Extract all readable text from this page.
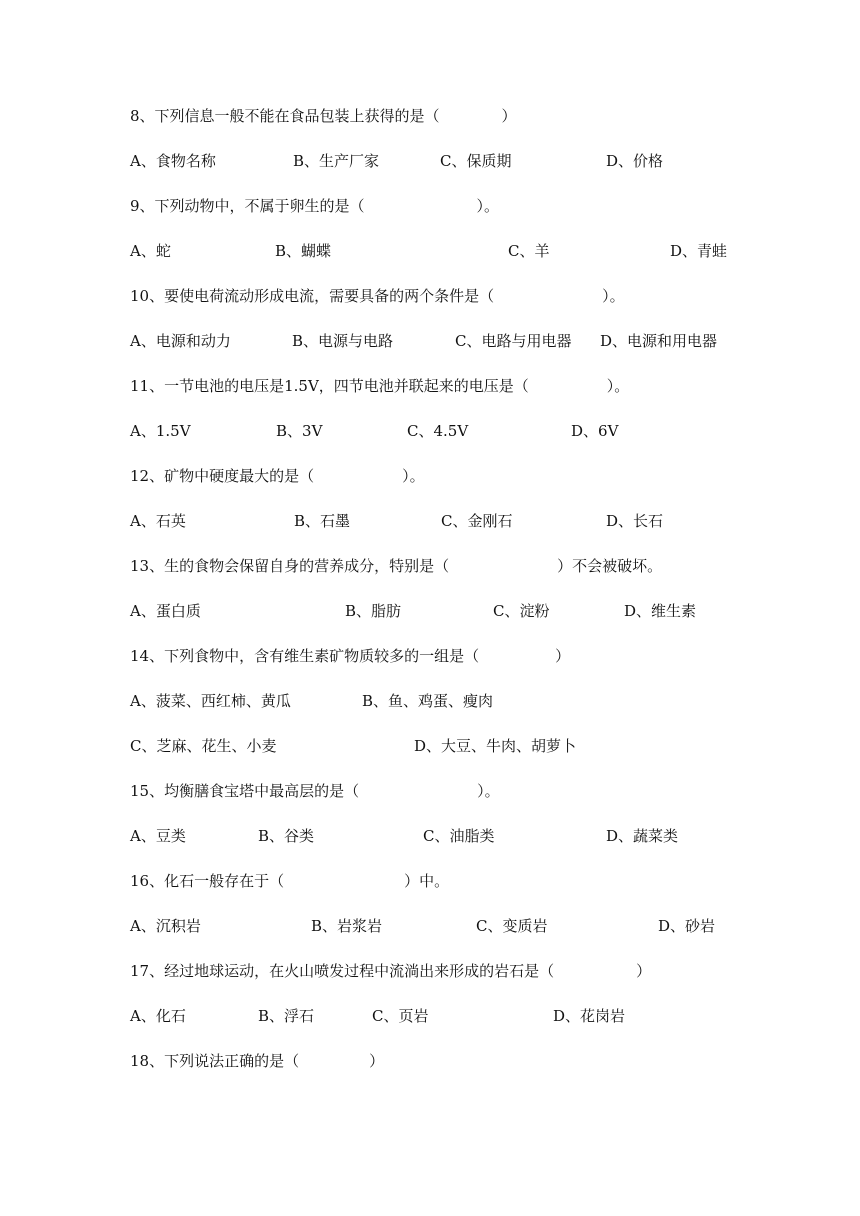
8、下列信息一般不能在食品包装上获得的是（	）

A、食物名称

	B、生产厂家

	C、保质期

	D、价格

9、下列动物中，不属于卵生的是（	）。

A、蛇

	B、蝴蝶

	C、羊

	D、青蛙

10、要使电荷流动形成电流，需要具备的两个条件是（	）。

A、电源和动力

	B、电源与电路

	C、电路与用电器

D、电源和用电器

11、一节电池的电压是1.5V，四节电池并联起来的电压是（	）。

A、1.5V

	B、3V

	C、4.5V

	D、6V

12、矿物中硬度最大的是（	）。

A、石英

	B、石墨

	C、金刚石

	D、长石

13、生的食物会保留自身的营养成分，特别是（	）不会被破坏。

A、蛋白质

	B、脂肪

	C、淀粉

	D、维生素

14、下列食物中，含有维生素矿物质较多的一组是（	）

A、菠菜、西红柿、黄瓜

	B、鱼、鸡蛋、瘦肉

C、芝麻、花生、小麦

	D、大豆、牛肉、胡萝卜

15、均衡膳食宝塔中最高层的是（	）。

A、豆类

	B、谷类

	C、油脂类

	D、蔬菜类

16、化石一般存在于（	）中。

A、沉积岩

	B、岩浆岩

	C、变质岩

	D、砂岩

17、经过地球运动，在火山喷发过程中流淌出来形成的岩石是（	）

A、化石

	B、浮石

	C、页岩

	D、花岗岩

18、下列说法正确的是（	）
